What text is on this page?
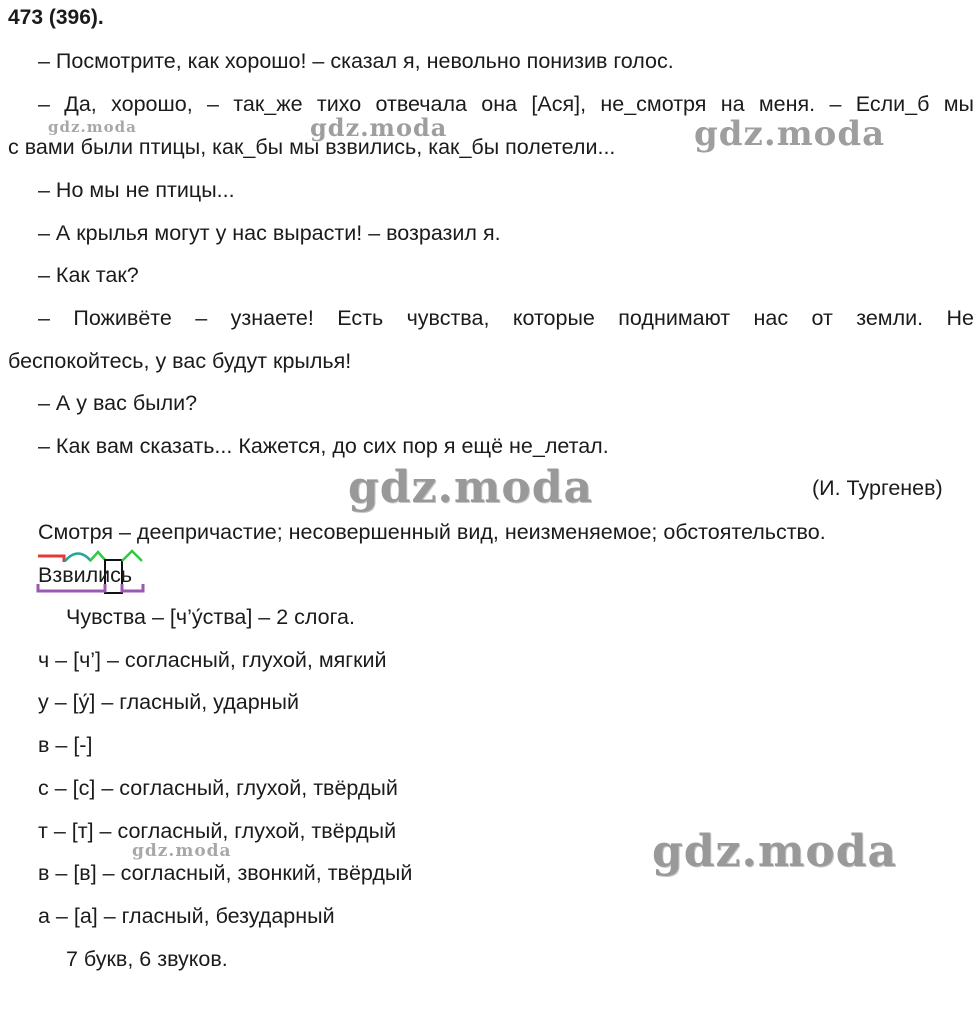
473 (396).
– Посмотрите, как хорошо! – сказал я, невольно понизив голос.
– Да, хорошо, – так_же тихо отвечала она [Ася], не_смотря на меня. – Если_б мы
с вами были птицы, как_бы мы взвились, как_бы полетели...
– Но мы не птицы...
– А крылья могут у нас вырасти! – возразил я.
– Как так?
– Поживёте – узнаете! Есть чувства, которые поднимают нас от земли. Не
беспокойтесь, у вас будут крылья!
– А у вас были?
– Как вам сказать... Кажется, до сих пор я ещё не_летал.
(И. Тургенев)
Смотря – деепричастие; несовершенный вид, неизменяемое; обстоятельство.
Взвились
Чувства – [ч’у́ства] – 2 слога.
ч – [ч’] – согласный, глухой, мягкий
у – [у́] – гласный, ударный
в – [-]
с – [с] – согласный, глухой, твёрдый
т – [т] – согласный, глухой, твёрдый
в – [в] – согласный, звонкий, твёрдый
а – [а] – гласный, безударный
7 букв, 6 звуков.
gdz.moda	gdz.moda	gdz.moda
gdz.moda
gdz.moda	gdz.moda
